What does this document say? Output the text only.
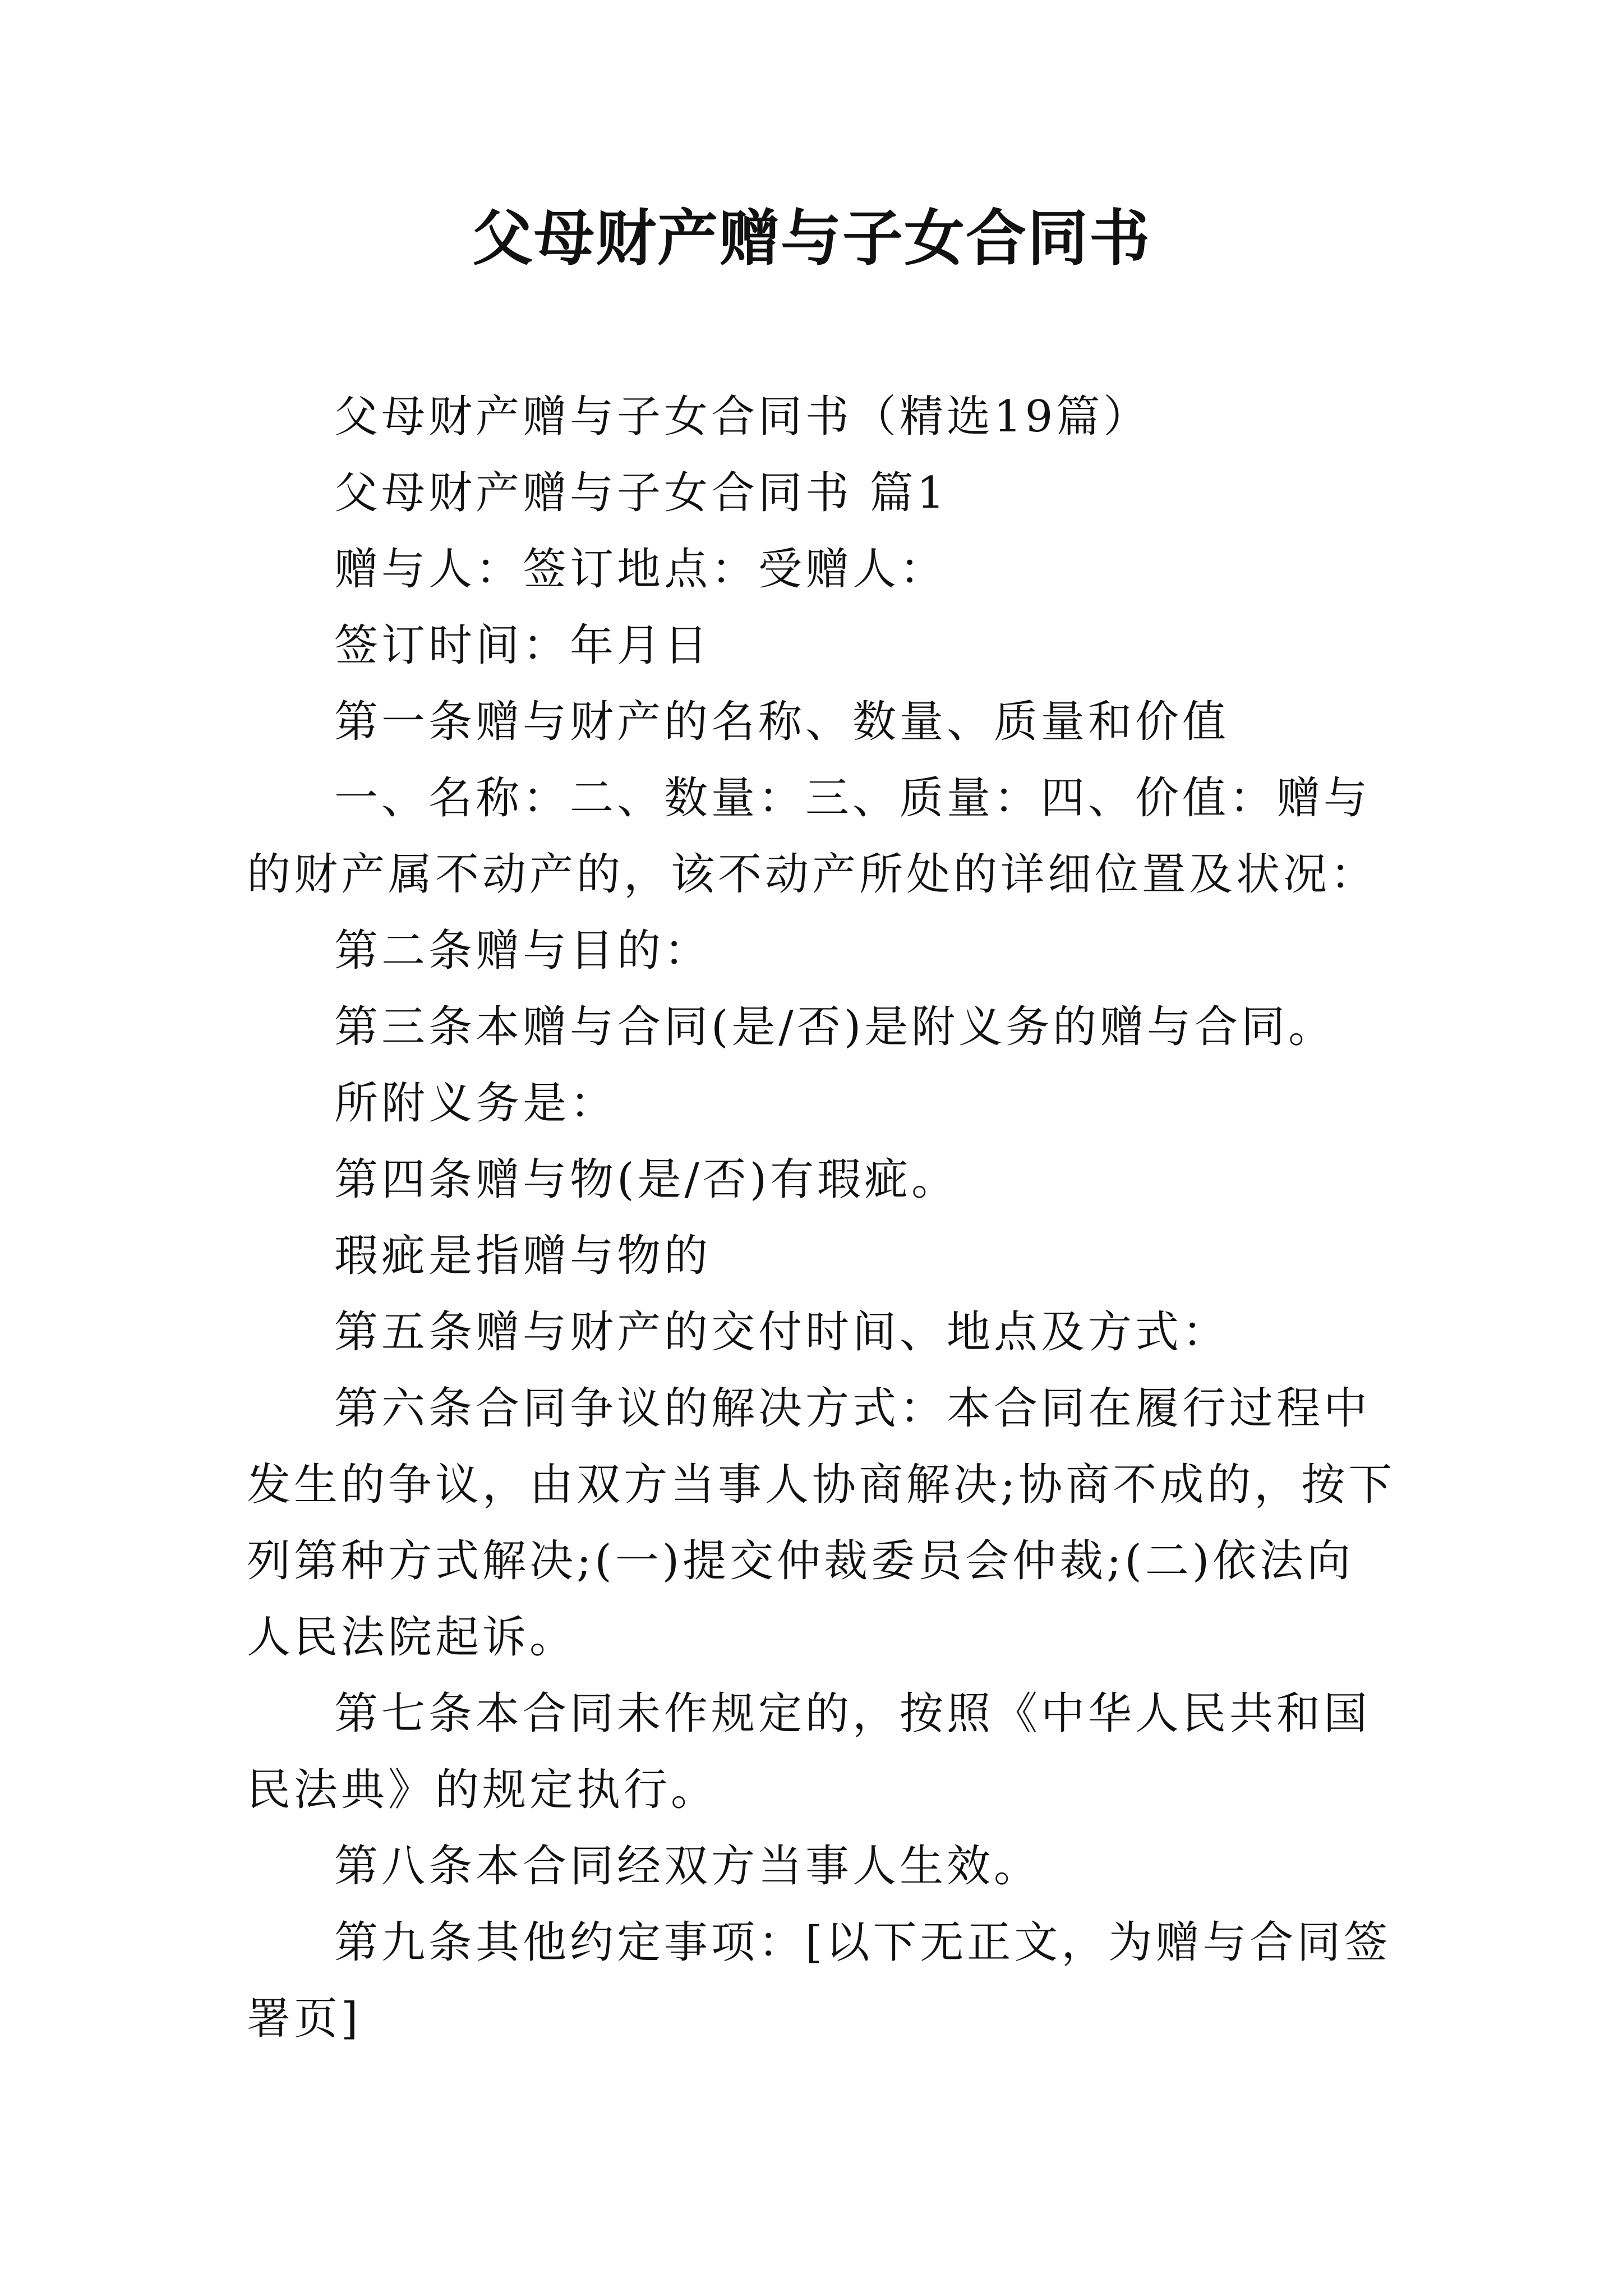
父母财产赠与子女合同书

父母财产赠与子女合同书（精选19篇）

父母财产赠与子女合同书 篇1

赠与人：签订地点：受赠人：

签订时间：年月日

第一条赠与财产的名称、数量、质量和价值

一、名称：二、数量：三、质量：四、价值：赠与的财产属不动产的，该不动产所处的详细位置及状况：

第二条赠与目的：

第三条本赠与合同(是/否)是附义务的赠与合同。

所附义务是：

第四条赠与物(是/否)有瑕疵。

瑕疵是指赠与物的

第五条赠与财产的交付时间、地点及方式：

第六条合同争议的解决方式：本合同在履行过程中发生的争议，由双方当事人协商解决;协商不成的，按下列第种方式解决;(一)提交仲裁委员会仲裁;(二)依法向人民法院起诉。

第七条本合同未作规定的，按照《中华人民共和国民法典》的规定执行。

第八条本合同经双方当事人生效。

第九条其他约定事项：[以下无正文，为赠与合同签署页]
